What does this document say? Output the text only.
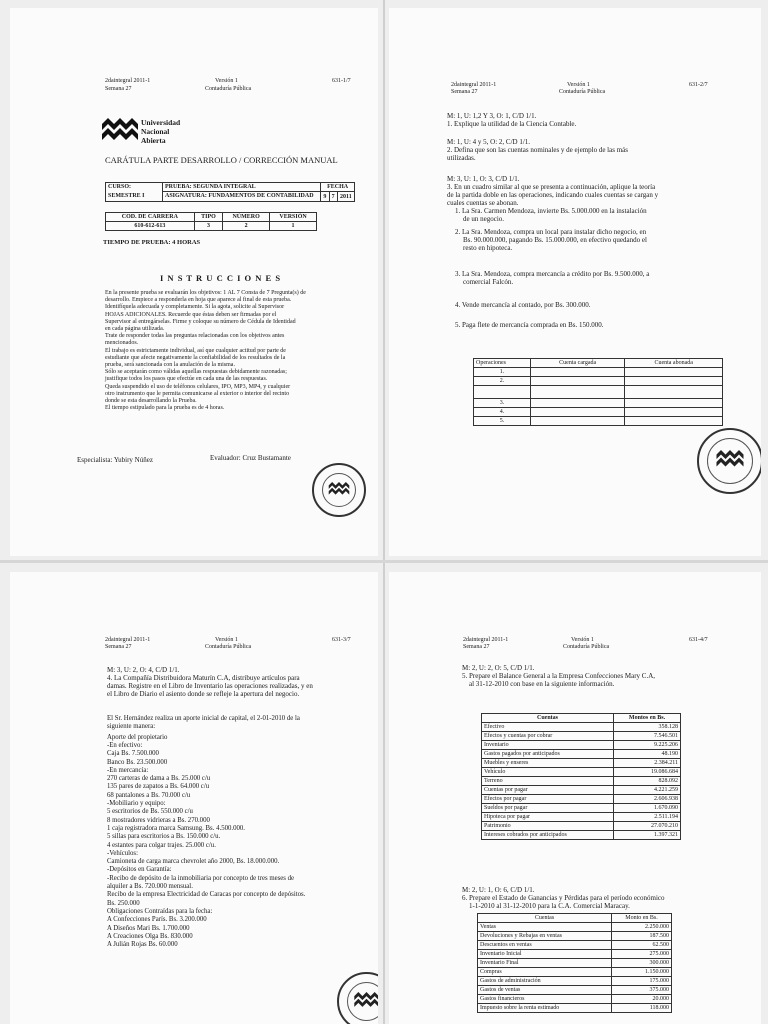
2daintegral 2011-1
Semana 27
Versión 1
Contaduría Pública
631-1/7
Universidad
Nacional
Abierta
CARÁTULA PARTE DESARROLLO / CORRECCIÓN MANUAL
CURSO:
SEMESTRE I	PRUEBA: SEGUNDA INTEGRAL	FECHA		
	ASIGNATURA: FUNDAMENTOS DE CONTABILIDAD	9	7	2011
COD. DE CARRERA	TIPO	NÚMERO	VERSIÓN
610-612-613	3	2	1
TIEMPO DE PRUEBA: 4 HORAS
I N S T R U C C I O N E S
En la presente prueba se evaluarán los objetivos: 1 AL 7 Consta de 7 Pregunta(s) de
desarrollo. Empiece a responderla en hoja que aparece al final de esta prueba.
Identifíquela adecuada y completamente. Si la agota, solicite al Supervisor
HOJAS ADICIONALES. Recuerde que éstas deben ser firmadas por el
Supervisor al entregárselas. Firme y coloque su número de Cédula de Identidad
en cada página utilizada.
Trate de responder todas las preguntas relacionadas con los objetivos antes
mencionados.
El trabajo es estrictamente individual, así que cualquier actitud por parte de
estudiante que afecte negativamente la confiabilidad de los resultados de la
prueba, será sancionada con la anulación de la misma.
Sólo se aceptarán como válidas aquellas respuestas debidamente razonadas;
justifique todos los pasos que efectúe en cada una de las respuestas.
Queda suspendido el uso de teléfonos celulares, IPO, MP3, MP4, y cualquier
otro instrumento que le permita comunicarse al exterior o interior del recinto
donde se esta desarrollando la Prueba.
El tiempo estipulado para la prueba es de 4 horas.
Especialista: Yubiry Núñez	Evaluador: Cruz Bustamante
2daintegral 2011-1
Semana 27
Versión 1
Contaduría Pública
631-2/7
M: 1, U: 1,2 Y 3, O: 1, C/D 1/1.
1. Explique la utilidad de la Ciencia Contable.
M: 1, U: 4 y 5, O: 2, C/D 1/1.
2. Defina que son las cuentas nominales y de ejemplo de las más
utilizadas.
M: 3, U: 1, O: 3, C/D 1/1.
3. En un cuadro similar al que se presenta a continuación, aplique la teoría
de la partida doble en las operaciones, indicando cuales cuentas se cargan y
cuales cuentas se abonan.
1. La Sra. Carmen Mendoza, invierte Bs. 5.000.000 en la instalación
de un negocio.
2. La Sra. Mendoza, compra un local para instalar dicho negocio, en
Bs. 90.000.000, pagando Bs. 15.000.000, en efectivo quedando el
resto en hipoteca.
3. La Sra. Mendoza, compra mercancía a crédito por Bs. 9.500.000, a
comercial Falcón.
4. Vende mercancía al contado, por Bs. 300.000.
5. Paga flete de mercancía comprada en Bs. 150.000.
Operaciones	Cuenta cargada	Cuenta abonada
1.		
2.		

3.		
4.		
5.		
2daintegral 2011-1
Semana 27
Versión 1
Contaduría Pública
631-3/7
M: 3, U: 2, O: 4, C/D 1/1.
4. La Compañía Distribuidora Maturín C.A, distribuye artículos para
damas. Registre en el Libro de Inventario las operaciones realizadas, y en
el Libro de Diario el asiento donde se refleje la apertura del negocio.
El Sr. Hernández realiza un aporte inicial de capital, el 2-01-2010 de la
siguiente manera:
Aporte del propietario
-En efectivo:
Caja Bs. 7.500.000
Banco Bs. 23.500.000
-En mercancía:
270 carteras de dama a Bs. 25.000 c/u
135 pares de zapatos a Bs. 64.000 c/u
68 pantalones a Bs. 70.000 c/u
-Mobiliario y equipo:
5 escritorios de Bs. 550.000 c/u
8 mostradores vidrieras a Bs. 270.000
1 caja registradora marca Samsung. Bs. 4.500.000.
5 sillas para escritorios a Bs. 150.000 c/u.
4 estantes para colgar trajes. 25.000 c/u.
-Vehículos:
Camioneta de carga marca chevrolet año 2000, Bs. 18.000.000.
-Depósitos en Garantía:
-Recibo de depósito de la inmobiliaria por concepto de tres meses de
alquiler a Bs. 720.000 mensual.
Recibo de la empresa Electricidad de Caracas por concepto de depósitos.
Bs. 250.000
Obligaciones Contraídas para la fecha:
A Confecciones París. Bs. 3.200.000
A Diseños Mari Bs. 1.700.000
A Creaciones Olga Bs. 830.000
A Julián Rojas Bs. 60.000
2daintegral 2011-1
Semana 27
Versión 1
Contaduría Pública
631-4/7
M: 2, U: 2, O: 5, C/D 1/1.
5. Prepare el Balance General a la Empresa Confecciones Mary C.A,
al 31-12-2010 con base en la siguiente información.
Cuentas	Montos en Bs.
Efectivo	358.128
Efectos y cuentas por cobrar	7.546.501
Inventario	9.225.206
Gastos pagados por anticipados	48.190
Muebles y enseres	2.384.211
Vehículo	19.086.684
Terreno	828.092
Cuentas por pagar	4.221.259
Efectos por pagar	2.606.938
Sueldos por pagar	1.670.090
Hipoteca por pagar	2.511.194
Patrimonio	27.070.210
Intereses cobrados por anticipados	1.397.321
M: 2, U: 1, O: 6, C/D 1/1.
6. Prepare el Estado de Ganancias y Pérdidas para el período económico
1-1-2010 al 31-12-2010 para la C.A. Comercial Maracay.
Cuentas	Monto en Bs.
Ventas	2.250.000
Devoluciones y Rebajas en ventas	187.500
Descuentos en ventas	62.500
Inventario Inicial	275.000
Inventario Final	300.000
Compras	1.150.000
Gastos de administración	175.000
Gastos de ventas	375.000
Gastos financieros	20.000
Impuesto sobre la renta estimado	118.000
